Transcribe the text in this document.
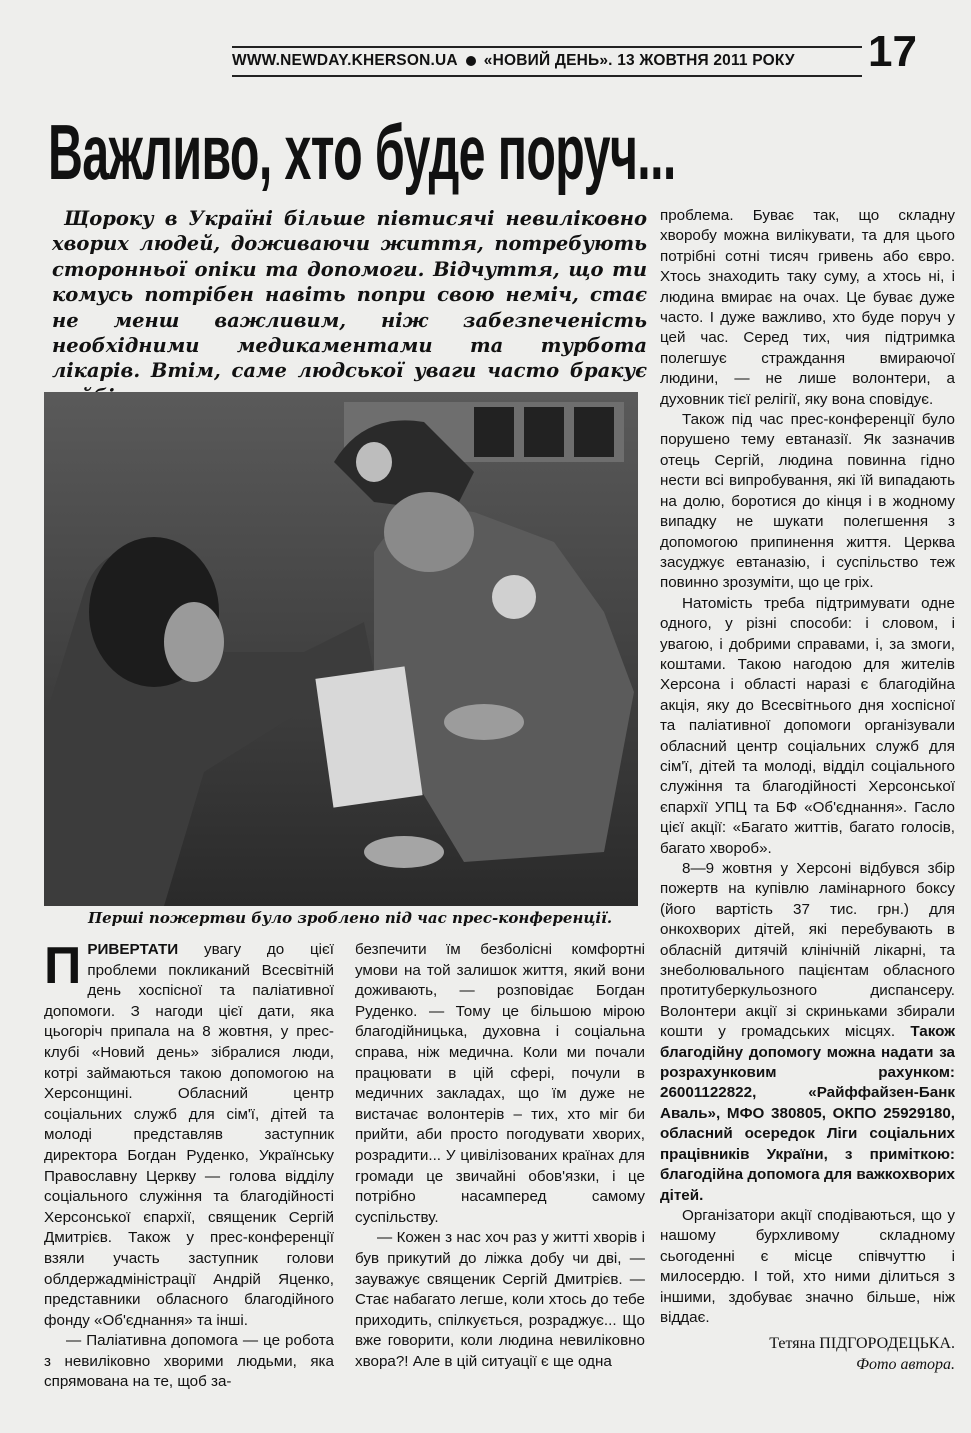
WWW.NEWDAY.KHERSON.UA «НОВИЙ ДЕНЬ». 13 ЖОВТНЯ 2011 РОКУ 17
Важливо, хто буде поруч...
Щороку в Україні більше півтисячі невиліковно хворих людей, доживаючи життя, потребують сторонньої опіки та допомоги. Відчуття, що ти комусь потрібен навіть попри свою неміч, стає не менш важливим, ніж забезпеченість необхідними медикаментами та турбота лікарів. Втім, саме людської уваги часто бракує
Перші пожертви було зроблено під час прес-конференції.

ПРИВЕРТАТИ увагу до цієї проблеми покликаний Всесвітній день хоспісної та паліативної допомоги. З нагоди цієї дати, яка цьогоріч припала на 8 жовтня, у прес-клубі «Новий день» зібралися люди, котрі займаються такою допомогою на Херсонщині. Обласний центр соціальних служб для сім'ї, дітей та молоді представляв заступник директора Богдан Руденко, Українську Православну Церкву — голова відділу соціального служіння та благодійності Херсонської єпархії, священик Сергій Дмитрієв. Також у прес-конференції взяли участь заступник голови облдержадміністрації Андрій Яценко, представники обласного благодійного фонду «Об'єднання» та інші.

— Паліативна допомога — це робота з невиліковно хворими людьми, яка спрямована на те, щоб за-

безпечити їм безболісні комфортні умови на той залишок життя, який вони доживають, — розповідає Богдан Руденко. — Тому це більшою мірою благодійницька, духовна і соціальна справа, ніж медична. Коли ми почали працювати в цій сфері, почули в медичних закладах, що їм дуже не вистачає волонтерів – тих, хто міг би прийти, аби просто погодувати хворих, розрадити... У цивілізованих країнах для громади це звичайні обов'язки, і це потрібно насамперед самому суспільству.

— Кожен з нас хоч раз у житті хворів і був прикутий до ліжка добу чи дві, — зауважує священик Сергій Дмитрієв. — Стає набагато легше, коли хтось до тебе приходить, спілкується, розраджує... Що вже говорити, коли людина невиліковно хвора?! Але в цій ситуації є ще одна

проблема. Буває так, що складну хворобу можна вилікувати, та для цього потрібні сотні тисяч гривень або євро. Хтось знаходить таку суму, а хтось ні, і людина вмирає на очах. Це буває дуже часто. І дуже важливо, хто буде поруч у цей час. Серед тих, чия підтримка полегшує страждання вмираючої людини, — не лише волонтери, а духовник тієї релігії, яку вона сповідує.

Також під час прес-конференції було порушено тему евтаназії. Як зазначив отець Сергій, людина повинна гідно нести всі випробування, які їй випадають на долю, боротися до кінця і в жодному випадку не шукати полегшення з допомогою припинення життя. Церква засуджує евтаназію, і суспільство теж повинно зрозуміти, що це гріх.

Натомість треба підтримувати одне одного, у різні способи: і словом, і увагою, і добрими справами, і, за змоги, коштами. Такою нагодою для жителів Херсона і області наразі є благодійна акція, яку до Всесвітнього дня хоспісної та паліативної допомоги організували обласний центр соціальних служб для сім'ї, дітей та молоді, відділ соціального служіння та благодійності Херсонської єпархії УПЦ та БФ «Об'єднання». Гасло цієї акції: «Багато життів, багато голосів, багато хвороб».

8—9 жовтня у Херсоні відбувся збір пожертв на купівлю ламінарного боксу (його вартість 37 тис. грн.) для онкохворих дітей, які перебувають в обласній дитячій клінічній лікарні, та знеболювального пацієнтам обласного протитуберкульозного диспансеру. Волонтери акції зі скриньками збирали кошти у громадських місцях. Також благодійну допомогу можна надати за розрахунковим рахунком: 26001122822, «Райффайзен-Банк Аваль», МФО 380805, ОКПО 25929180, обласний осередок Ліги соціальних працівників України, з приміткою: благодійна допомога для важкохворих дітей.

Організатори акції сподіваються, що у нашому бурхливому складному сьогоденні є місце співчуттю і милосердю. І той, хто ними ділиться з іншими, здобуває значно більше, ніж віддає.

Тетяна ПІДГОРОДЕЦЬКА.
Фото автора.
